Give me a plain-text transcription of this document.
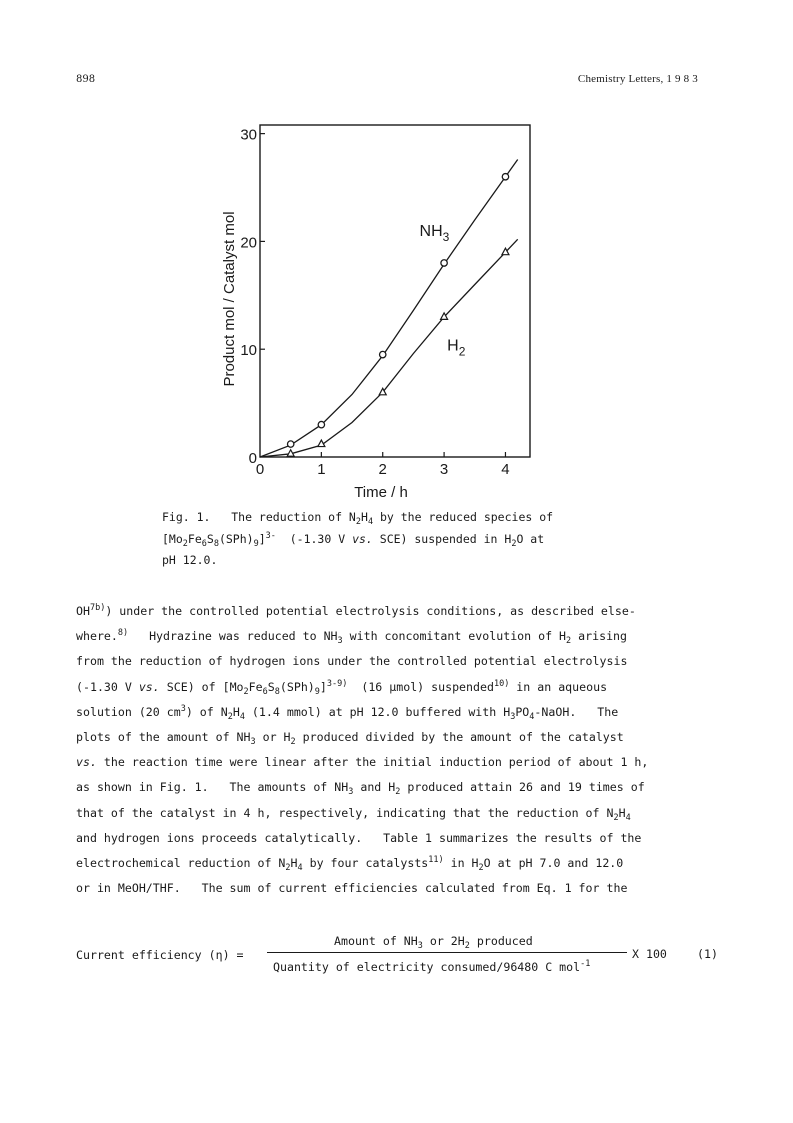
898	Chemistry Letters, 1 9 8 3
0	1	2	3	4
0
10
20
30
Time / h
Product mol / Catalyst mol	$NH_3$
$H_2$
Fig. 1.   The reduction of $N_2H_4$ by the reduced species of
$[Mo_2Fe_6S_8(SPh)_9]^{3-}$  (-1.30 V vs. SCE) suspended in $H_2O$ at
pH 12.0.
$OH^{7b)}$) under the controlled potential electrolysis conditions, as described else-
where.$^{8)}$   Hydrazine was reduced to $NH_3$ with concomitant evolution of $H_2$ arising
from the reduction of hydrogen ions under the controlled potential electrolysis
(-1.30 V vs. SCE) of $[Mo_2Fe_6S_8(SPh)_9]^{3-9)}$  (16 µmol) suspended$^{10)}$ in an aqueous
solution (20 $cm^3$) of $N_2H_4$ (1.4 mmol) at pH 12.0 buffered with $H_3PO_4$-NaOH.   The
plots of the amount of $NH_3$ or $H_2$ produced divided by the amount of the catalyst
vs. the reaction time were linear after the initial induction period of about 1 h,
as shown in Fig. 1.   The amounts of $NH_3$ and $H_2$ produced attain 26 and 19 times of
that of the catalyst in 4 h, respectively, indicating that the reduction of $N_2H_4$
and hydrogen ions proceeds catalytically.   Table 1 summarizes the results of the
electrochemical reduction of $N_2H_4$ by four catalysts$^{11)}$ in $H_2O$ at pH 7.0 and 12.0
or in MeOH/THF.   The sum of current efficiencies calculated from Eq. 1 for the
Current efficiency (η) =
Amount of $NH_3$ or $2H_2$ produced
Quantity of electricity consumed/96480 C mol$^{-1}$
X 100	(1)
